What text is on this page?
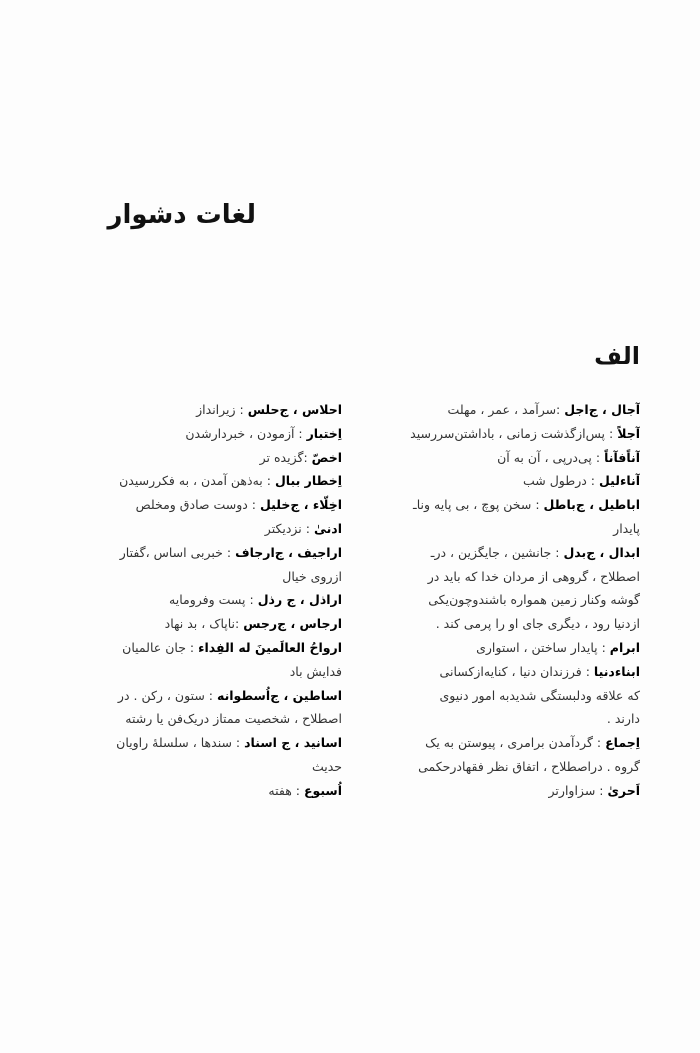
لغات دشوار
الف
آجال ، ج‌اجل :سرآمد ، عمر ، مهلت
آجلاً : پس‌ازگذشت زمانی ، باداشتن‌سررسید
آناًفآناً : پی‌درپی ، آن به آن
آناءلیل : درطول شب
اباطیل ، ج‌باطل : سخن پوچ ، بی پایه وناـ
پایدار
ابدال ، ج‌بدل : جانشین ، جایگزین ، درـ
اصطلاح ، گروهی از مردان خدا که باید در
گوشه وکنار زمین همواره باشندوچون‌یکی
ازدنیا رود ، دیگری جای او را پرمی کند .
ابرام : پایدار ساختن ، استواری
ابناءدنیا : فرزندان دنیا ، کنایه‌ازکسانی
که علاقه ودلبستگی شدیدبه امور دنیوی
دارند .
اِجماع : گردآمدن برامری ، پیوستن به یک
گروه . دراصطلاح ، اتفاق نظر فقهادرحکمی
اَحریٰ : سزاوارتر
احلاس ، ج‌حلس : زیرانداز
اِختبار : آزمودن ، خبردارشدن
اخصّ :گزیده تر
اِخطار ببال : به‌ذهن آمدن ، به فکررسیدن
اخِلّاء ، ج‌خلیل : دوست صادق ومخلص
ادنیٰ : نزدیکتر
اراجیف ، ج‌ارجاف : خبربی اساس ،گفتار
ازروی خیال
اراذل ، ج رذل : پست وفرومایه
ارجاس ، ج‌رجس :ناپاک ، بد نهاد
ارواحُ العالَمینَ له الفِداء : جان عالمیان
فدایش باد
اساطین ، ج‌اُسطوانه : ستون ، رکن . در
اصطلاح ، شخصیت ممتاز دریک‌فن یا رشته
اسانید ، ج اسناد : سندها ، سلسلهٔ راویان
حدیث
اُسبوع : هفته
